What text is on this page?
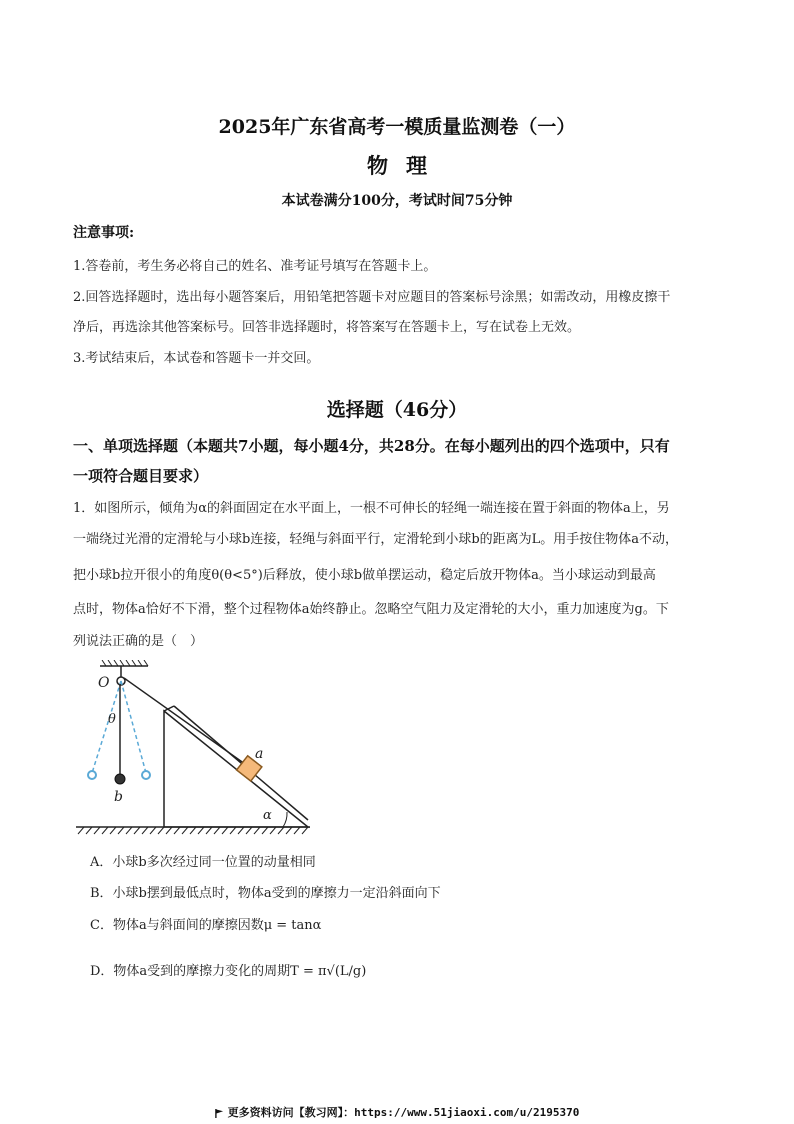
2025年广东省高考一模质量监测卷（一）
物理
本试卷满分100分，考试时间75分钟
注意事项:
1.答卷前，考生务必将自己的姓名、准考证号填写在答题卡上。
2.回答选择题时，选出每小题答案后，用铅笔把答题卡对应题目的答案标号涂黑；如需改动，用橡皮擦干
净后，再选涂其他答案标号。回答非选择题时，将答案写在答题卡上，写在试卷上无效。
3.考试结束后，本试卷和答题卡一并交回。
选择题（46分）
一、单项选择题（本题共7小题，每小题4分，共28分。在每小题列出的四个选项中，只有
一项符合题目要求）
1．如图所示，倾角为α的斜面固定在水平面上，一根不可伸长的轻绳一端连接在置于斜面的物体a上，另
一端绕过光滑的定滑轮与小球b连接，轻绳与斜面平行，定滑轮到小球b的距离为L。用手按住物体a不动，
把小球b拉开很小的角度θ(θ<5°)后释放，使小球b做单摆运动，稳定后放开物体a。当小球运动到最高
点时，物体a恰好不下滑，整个过程物体a始终静止。忽略空气阻力及定滑轮的大小，重力加速度为g。下
列说法正确的是（　）
O
b
θ
a
α
A．小球b多次经过同一位置的动量相同
B．小球b摆到最低点时，物体a受到的摩擦力一定沿斜面向下
C．物体a与斜面间的摩擦因数μ = tanα
D．物体a受到的摩擦力变化的周期T = π√(L/g)
更多资料访问【教习网】：https://www.51jiaoxi.com/u/2195370
